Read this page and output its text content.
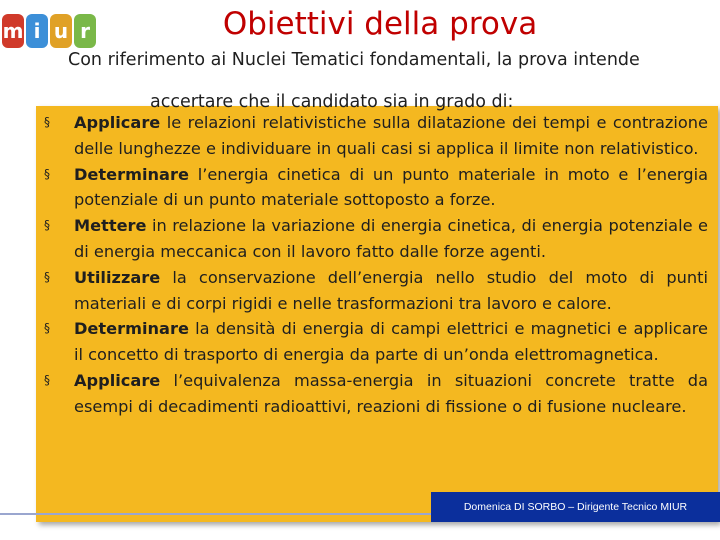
m i u r	Obiettivi della prova
Con riferimento ai Nuclei Tematici fondamentali, la prova intende
accertare che il candidato sia in grado di:
§ Applicare le relazioni relativistiche sulla dilatazione dei tempi e contrazione delle lunghezze e individuare in quali casi si applica il limite non relativistico.
§ Determinare l’energia cinetica di un punto materiale in moto e l’energia potenziale di un punto materiale sottoposto a forze.
§ Mettere in relazione la variazione di energia cinetica, di energia potenziale e di energia meccanica con il lavoro fatto dalle forze agenti.
§ Utilizzare la conservazione dell’energia nello studio del moto di punti materiali e di corpi rigidi e nelle trasformazioni tra lavoro e calore.
§ Determinare la densità di energia di campi elettrici e magnetici e applicare il concetto di trasporto di energia da parte di un’onda elettromagnetica.
§ Applicare l’equivalenza massa-energia in situazioni concrete tratte da esempi di decadimenti radioattivi, reazioni di fissione o di fusione nucleare.
Domenica DI SORBO – Dirigente Tecnico MIUR
